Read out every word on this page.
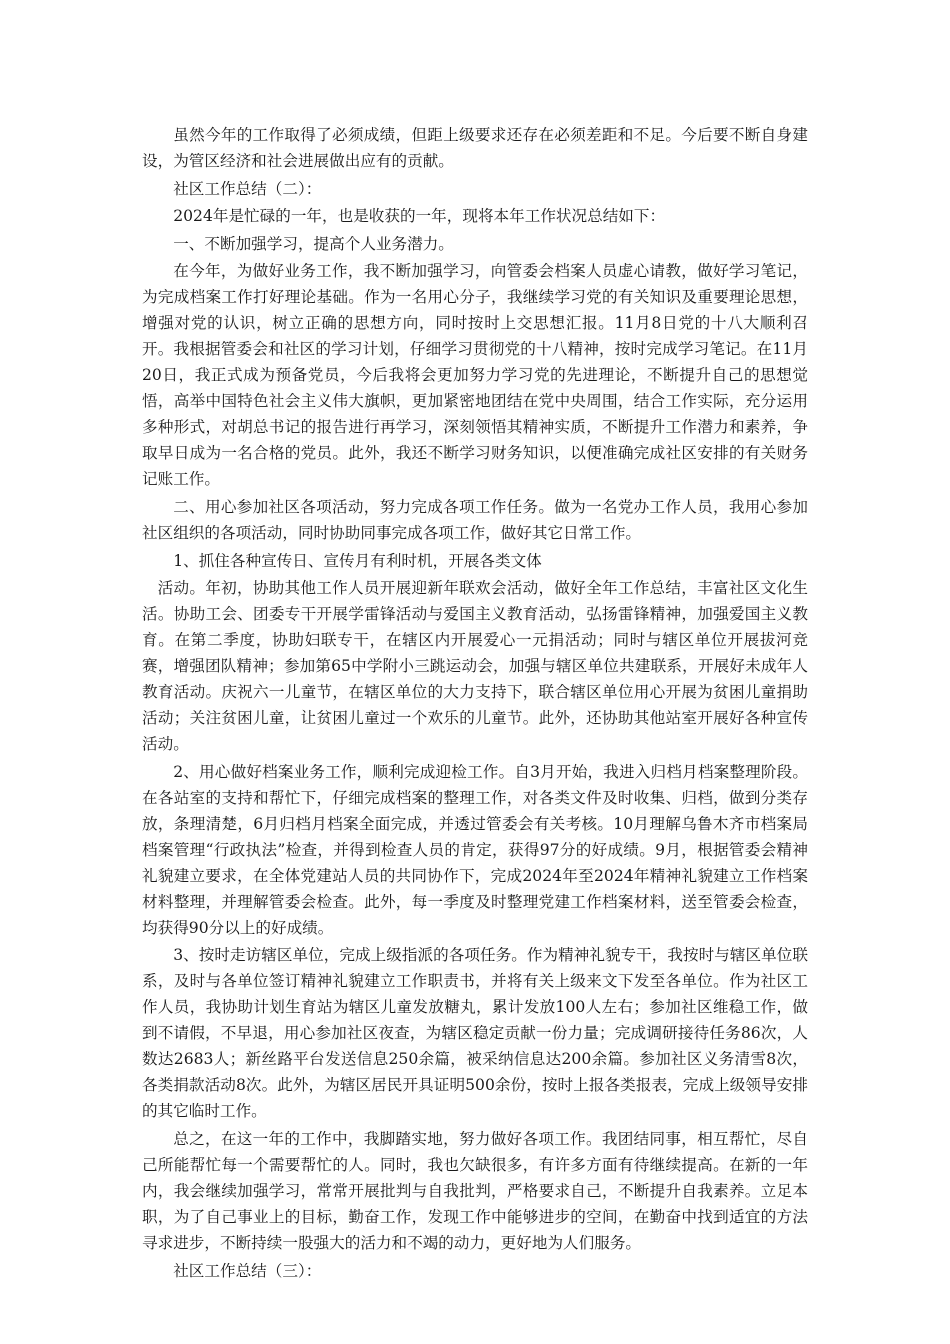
虽然今年的工作取得了必须成绩，但距上级要求还存在必须差距和不足。今后要不断自身建设，为管区经济和社会进展做出应有的贡献。

社区工作总结（二）：

2024年是忙碌的一年，也是收获的一年，现将本年工作状况总结如下：

一、不断加强学习，提高个人业务潜力。

在今年，为做好业务工作，我不断加强学习，向管委会档案人员虚心请教，做好学习笔记，为完成档案工作打好理论基础。作为一名用心分子，我继续学习党的有关知识及重要理论思想，增强对党的认识，树立正确的思想方向，同时按时上交思想汇报。11月8日党的十八大顺利召开。我根据管委会和社区的学习计划，仔细学习贯彻党的十八精神，按时完成学习笔记。在11月20日，我正式成为预备党员，今后我将会更加努力学习党的先进理论，不断提升自己的思想觉悟，高举中国特色社会主义伟大旗帜，更加紧密地团结在党中央周围，结合工作实际，充分运用多种形式，对胡总书记的报告进行再学习，深刻领悟其精神实质，不断提升工作潜力和素养，争取早日成为一名合格的党员。此外，我还不断学习财务知识，以便准确完成社区安排的有关财务记账工作。

二、用心参加社区各项活动，努力完成各项工作任务。做为一名党办工作人员，我用心参加社区组织的各项活动，同时协助同事完成各项工作，做好其它日常工作。

1、抓住各种宣传日、宣传月有利时机，开展各类文体

活动。年初，协助其他工作人员开展迎新年联欢会活动，做好全年工作总结，丰富社区文化生活。协助工会、团委专干开展学雷锋活动与爱国主义教育活动，弘扬雷锋精神，加强爱国主义教育。在第二季度，协助妇联专干，在辖区内开展爱心一元捐活动；同时与辖区单位开展拔河竞赛，增强团队精神；参加第65中学附小三跳运动会，加强与辖区单位共建联系，开展好未成年人教育活动。庆祝六一儿童节，在辖区单位的大力支持下，联合辖区单位用心开展为贫困儿童捐助活动；关注贫困儿童，让贫困儿童过一个欢乐的儿童节。此外，还协助其他站室开展好各种宣传活动。

2、用心做好档案业务工作，顺利完成迎检工作。自3月开始，我进入归档月档案整理阶段。在各站室的支持和帮忙下，仔细完成档案的整理工作，对各类文件及时收集、归档，做到分类存放，条理清楚，6月归档月档案全面完成，并透过管委会有关考核。10月理解乌鲁木齐市档案局档案管理“行政执法”检查，并得到检查人员的肯定，获得97分的好成绩。9月，根据管委会精神礼貌建立要求，在全体党建站人员的共同协作下，完成2024年至2024年精神礼貌建立工作档案材料整理，并理解管委会检查。此外，每一季度及时整理党建工作档案材料，送至管委会检查，均获得90分以上的好成绩。

3、按时走访辖区单位，完成上级指派的各项任务。作为精神礼貌专干，我按时与辖区单位联系，及时与各单位签订精神礼貌建立工作职责书，并将有关上级来文下发至各单位。作为社区工作人员，我协助计划生育站为辖区儿童发放糖丸，累计发放100人左右；参加社区维稳工作，做到不请假，不早退，用心参加社区夜查，为辖区稳定贡献一份力量；完成调研接待任务86次，人数达2683人；新丝路平台发送信息250余篇，被采纳信息达200余篇。参加社区义务清雪8次，各类捐款活动8次。此外，为辖区居民开具证明500余份，按时上报各类报表，完成上级领导安排的其它临时工作。

总之，在这一年的工作中，我脚踏实地，努力做好各项工作。我团结同事，相互帮忙，尽自己所能帮忙每一个需要帮忙的人。同时，我也欠缺很多，有许多方面有待继续提高。在新的一年内，我会继续加强学习，常常开展批判与自我批判，严格要求自己，不断提升自我素养。立足本职，为了自己事业上的目标，勤奋工作，发现工作中能够进步的空间，在勤奋中找到适宜的方法寻求进步，不断持续一股强大的活力和不竭的动力，更好地为人们服务。

社区工作总结（三）：
